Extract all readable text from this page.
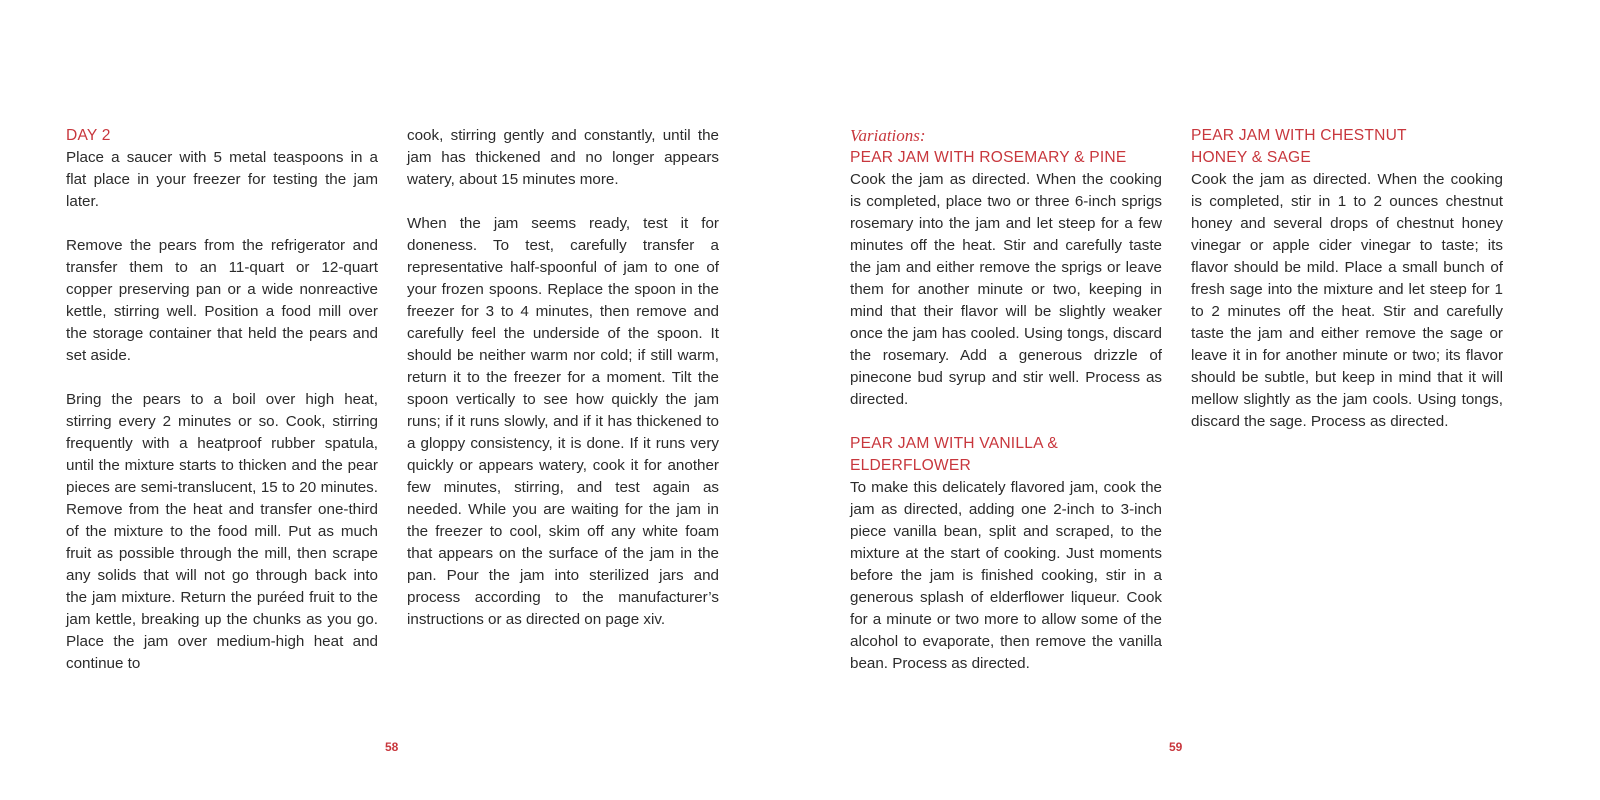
DAY 2

Place a saucer with 5 metal teaspoons in a flat place in your freezer for testing the jam later.

Remove the pears from the refrigerator and transfer them to an 11-quart or 12-quart copper preserving pan or a wide nonreactive kettle, stirring well. Position a food mill over the storage container that held the pears and set aside.

Bring the pears to a boil over high heat, stirring every 2 minutes or so. Cook, stirring frequently with a heatproof rubber spatula, until the mixture starts to thicken and the pear pieces are semi-translucent, 15 to 20 minutes. Remove from the heat and transfer one-third of the mixture to the food mill. Put as much fruit as possible through the mill, then scrape any solids that will not go through back into the jam mixture. Return the puréed fruit to the jam kettle, breaking up the chunks as you go. Place the jam over medium-high heat and continue to

cook, stirring gently and constantly, until the jam has thickened and no longer appears watery, about 15 minutes more.

When the jam seems ready, test it for doneness. To test, carefully transfer a representative half-spoonful of jam to one of your frozen spoons. Replace the spoon in the freezer for 3 to 4 minutes, then remove and carefully feel the underside of the spoon. It should be neither warm nor cold; if still warm, return it to the freezer for a moment. Tilt the spoon vertically to see how quickly the jam runs; if it runs slowly, and if it has thickened to a gloppy consistency, it is done. If it runs very quickly or appears watery, cook it for another few minutes, stirring, and test again as needed. While you are waiting for the jam in the freezer to cool, skim off any white foam that appears on the surface of the jam in the pan. Pour the jam into sterilized jars and process according to the manufacturer’s instructions or as directed on page xiv.

58
Variations:
PEAR JAM WITH ROSEMARY & PINE

Cook the jam as directed. When the cooking is completed, place two or three 6-inch sprigs rosemary into the jam and let steep for a few minutes off the heat. Stir and carefully taste the jam and either remove the sprigs or leave them for another minute or two, keeping in mind that their flavor will be slightly weaker once the jam has cooled. Using tongs, discard the rosemary. Add a generous drizzle of pinecone bud syrup and stir well. Process as directed.

PEAR JAM WITH VANILLA &
ELDERFLOWER

To make this delicately flavored jam, cook the jam as directed, adding one 2-inch to 3-inch piece vanilla bean, split and scraped, to the mixture at the start of cooking. Just moments before the jam is finished cooking, stir in a generous splash of elderflower liqueur. Cook for a minute or two more to allow some of the alcohol to evaporate, then remove the vanilla bean. Process as directed.

PEAR JAM WITH CHESTNUT
HONEY & SAGE

Cook the jam as directed. When the cooking is completed, stir in 1 to 2 ounces chestnut honey and several drops of chestnut honey vinegar or apple cider vinegar to taste; its flavor should be mild. Place a small bunch of fresh sage into the mixture and let steep for 1 to 2 minutes off the heat. Stir and carefully taste the jam and either remove the sage or leave it in for another minute or two; its flavor should be subtle, but keep in mind that it will mellow slightly as the jam cools. Using tongs, discard the sage. Process as directed.

59
